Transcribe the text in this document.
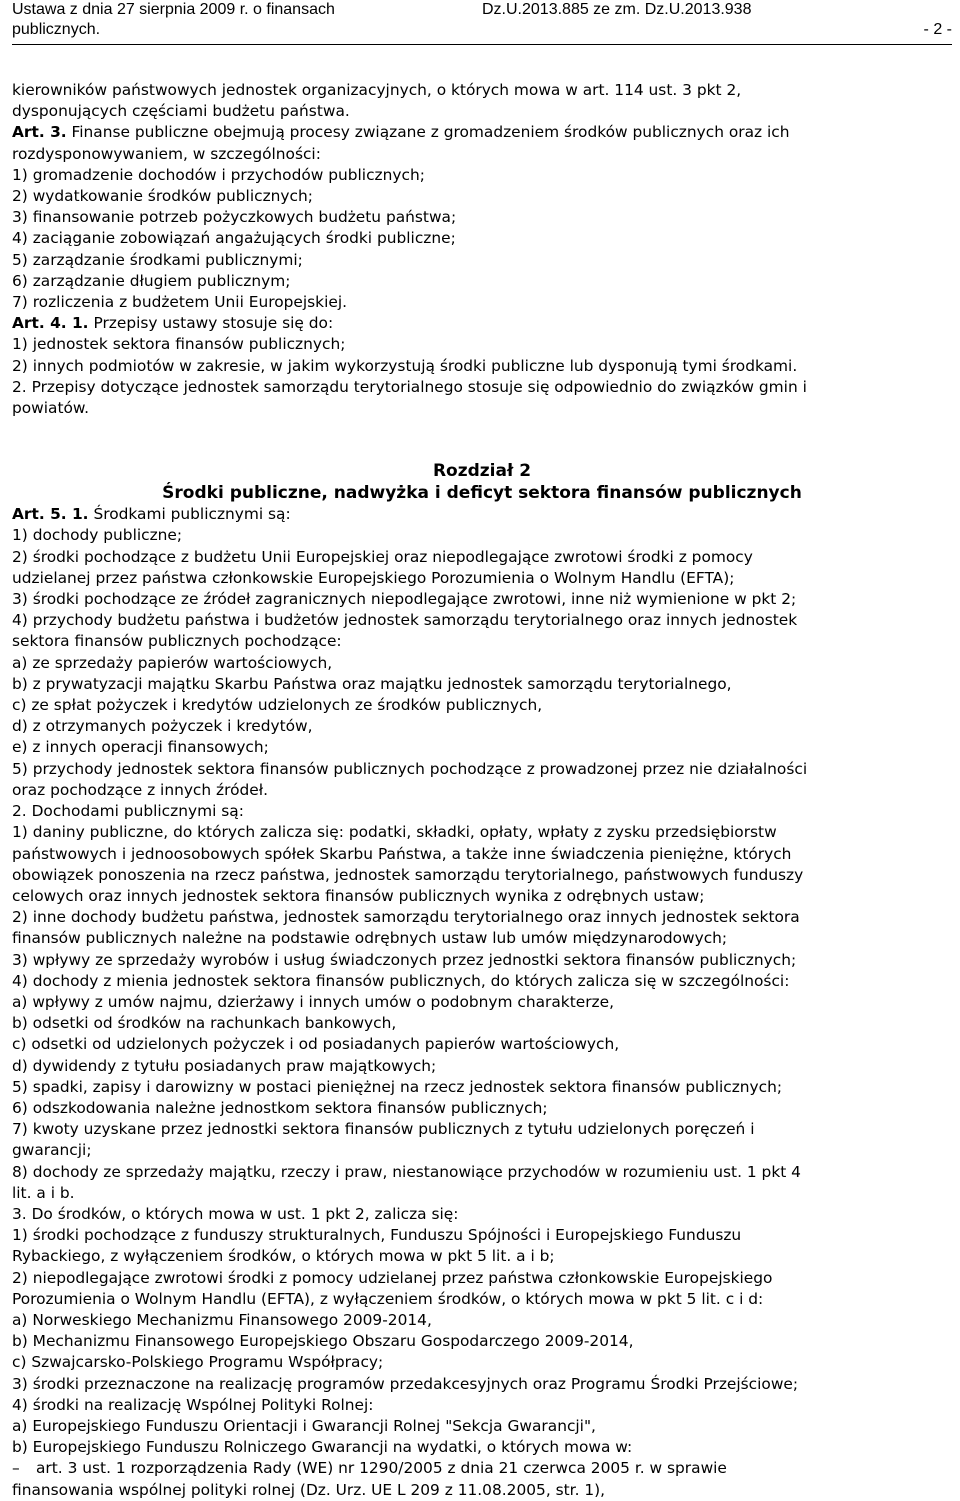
Ustawa z dnia 27 sierpnia 2009 r. o finansach publicznych.
Dz.U.2013.885 ze zm. Dz.U.2013.938
- 2 -

kierowników państwowych jednostek organizacyjnych, o których mowa w art. 114 ust. 3 pkt 2,

dysponujących częściami budżetu państwa.

Art. 3. Finanse publiczne obejmują procesy związane z gromadzeniem środków publicznych oraz ich

rozdysponowywaniem, w szczególności:

1) gromadzenie dochodów i przychodów publicznych;

2) wydatkowanie środków publicznych;

3) finansowanie potrzeb pożyczkowych budżetu państwa;

4) zaciąganie zobowiązań angażujących środki publiczne;

5) zarządzanie środkami publicznymi;

6) zarządzanie długiem publicznym;

7) rozliczenia z budżetem Unii Europejskiej.

Art. 4. 1. Przepisy ustawy stosuje się do:

1) jednostek sektora finansów publicznych;

2) innych podmiotów w zakresie, w jakim wykorzystują środki publiczne lub dysponują tymi środkami.

2. Przepisy dotyczące jednostek samorządu terytorialnego stosuje się odpowiednio do związków gmin i

powiatów.

Rozdział 2

Środki publiczne, nadwyżka i deficyt sektora finansów publicznych

Art. 5. 1. Środkami publicznymi są:

1) dochody publiczne;

2) środki pochodzące z budżetu Unii Europejskiej oraz niepodlegające zwrotowi środki z pomocy

udzielanej przez państwa członkowskie Europejskiego Porozumienia o Wolnym Handlu (EFTA);

3) środki pochodzące ze źródeł zagranicznych niepodlegające zwrotowi, inne niż wymienione w pkt 2;

4) przychody budżetu państwa i budżetów jednostek samorządu terytorialnego oraz innych jednostek

sektora finansów publicznych pochodzące:

a) ze sprzedaży papierów wartościowych,

b) z prywatyzacji majątku Skarbu Państwa oraz majątku jednostek samorządu terytorialnego,

c) ze spłat pożyczek i kredytów udzielonych ze środków publicznych,

d) z otrzymanych pożyczek i kredytów,

e) z innych operacji finansowych;

5) przychody jednostek sektora finansów publicznych pochodzące z prowadzonej przez nie działalności

oraz pochodzące z innych źródeł.

2. Dochodami publicznymi są:

1) daniny publiczne, do których zalicza się: podatki, składki, opłaty, wpłaty z zysku przedsiębiorstw

państwowych i jednoosobowych spółek Skarbu Państwa, a także inne świadczenia pieniężne, których

obowiązek ponoszenia na rzecz państwa, jednostek samorządu terytorialnego, państwowych funduszy

celowych oraz innych jednostek sektora finansów publicznych wynika z odrębnych ustaw;

2) inne dochody budżetu państwa, jednostek samorządu terytorialnego oraz innych jednostek sektora

finansów publicznych należne na podstawie odrębnych ustaw lub umów międzynarodowych;

3) wpływy ze sprzedaży wyrobów i usług świadczonych przez jednostki sektora finansów publicznych;

4) dochody z mienia jednostek sektora finansów publicznych, do których zalicza się w szczególności:

a) wpływy z umów najmu, dzierżawy i innych umów o podobnym charakterze,

b) odsetki od środków na rachunkach bankowych,

c) odsetki od udzielonych pożyczek i od posiadanych papierów wartościowych,

d) dywidendy z tytułu posiadanych praw majątkowych;

5) spadki, zapisy i darowizny w postaci pieniężnej na rzecz jednostek sektora finansów publicznych;

6) odszkodowania należne jednostkom sektora finansów publicznych;

7) kwoty uzyskane przez jednostki sektora finansów publicznych z tytułu udzielonych poręczeń i

gwarancji;

8) dochody ze sprzedaży majątku, rzeczy i praw, niestanowiące przychodów w rozumieniu ust. 1 pkt 4

lit. a i b.

3. Do środków, o których mowa w ust. 1 pkt 2, zalicza się:

1) środki pochodzące z funduszy strukturalnych, Funduszu Spójności i Europejskiego Funduszu

Rybackiego, z wyłączeniem środków, o których mowa w pkt 5 lit. a i b;

2) niepodlegające zwrotowi środki z pomocy udzielanej przez państwa członkowskie Europejskiego

Porozumienia o Wolnym Handlu (EFTA), z wyłączeniem środków, o których mowa w pkt 5 lit. c i d:

a) Norweskiego Mechanizmu Finansowego 2009-2014,

b) Mechanizmu Finansowego Europejskiego Obszaru Gospodarczego 2009-2014,

c) Szwajcarsko-Polskiego Programu Współpracy;

3) środki przeznaczone na realizację programów przedakcesyjnych oraz Programu Środki Przejściowe;

4) środki na realizację Wspólnej Polityki Rolnej:

a) Europejskiego Funduszu Orientacji i Gwarancji Rolnej "Sekcja Gwarancji",

b) Europejskiego Funduszu Rolniczego Gwarancji na wydatki, o których mowa w:

– art. 3 ust. 1 rozporządzenia Rady (WE) nr 1290/2005 z dnia 21 czerwca 2005 r. w sprawie

finansowania wspólnej polityki rolnej (Dz. Urz. UE L 209 z 11.08.2005, str. 1),
